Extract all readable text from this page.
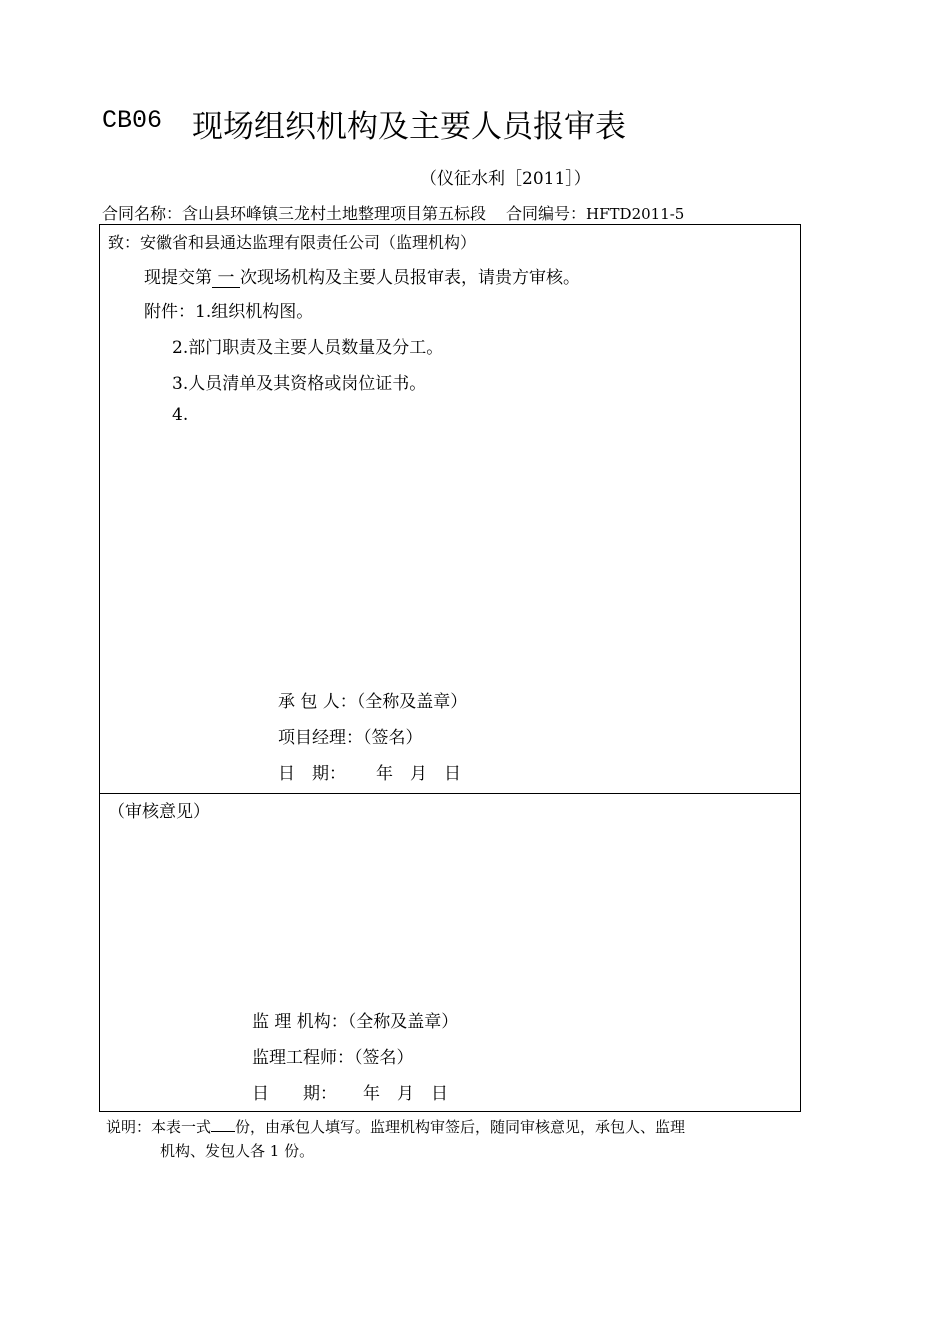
CB06 现场组织机构及主要人员报审表
（仪征水利［2011］）
合同名称：含山县环峰镇三龙村土地整理项目第五标段 合同编号：HFTD2011-5
致：安徽省和县通达监理有限责任公司（监理机构）
现提交第 一 次现场机构及主要人员报审表，请贵方审核。
附件：1.组织机构图。
2.部门职责及主要人员数量及分工。
3.人员清单及其资格或岗位证书。
4.
承 包 人：（全称及盖章）
项目经理：（签名）
日　期： 年　月　日
（审核意见）
监 理 机构：（全称及盖章）
监理工程师：（签名）
日　　期： 年　月　日
说明：本表一式 份，由承包人填写。监理机构审签后，随同审核意见，承包人、监理
机构、发包人各 1 份。
